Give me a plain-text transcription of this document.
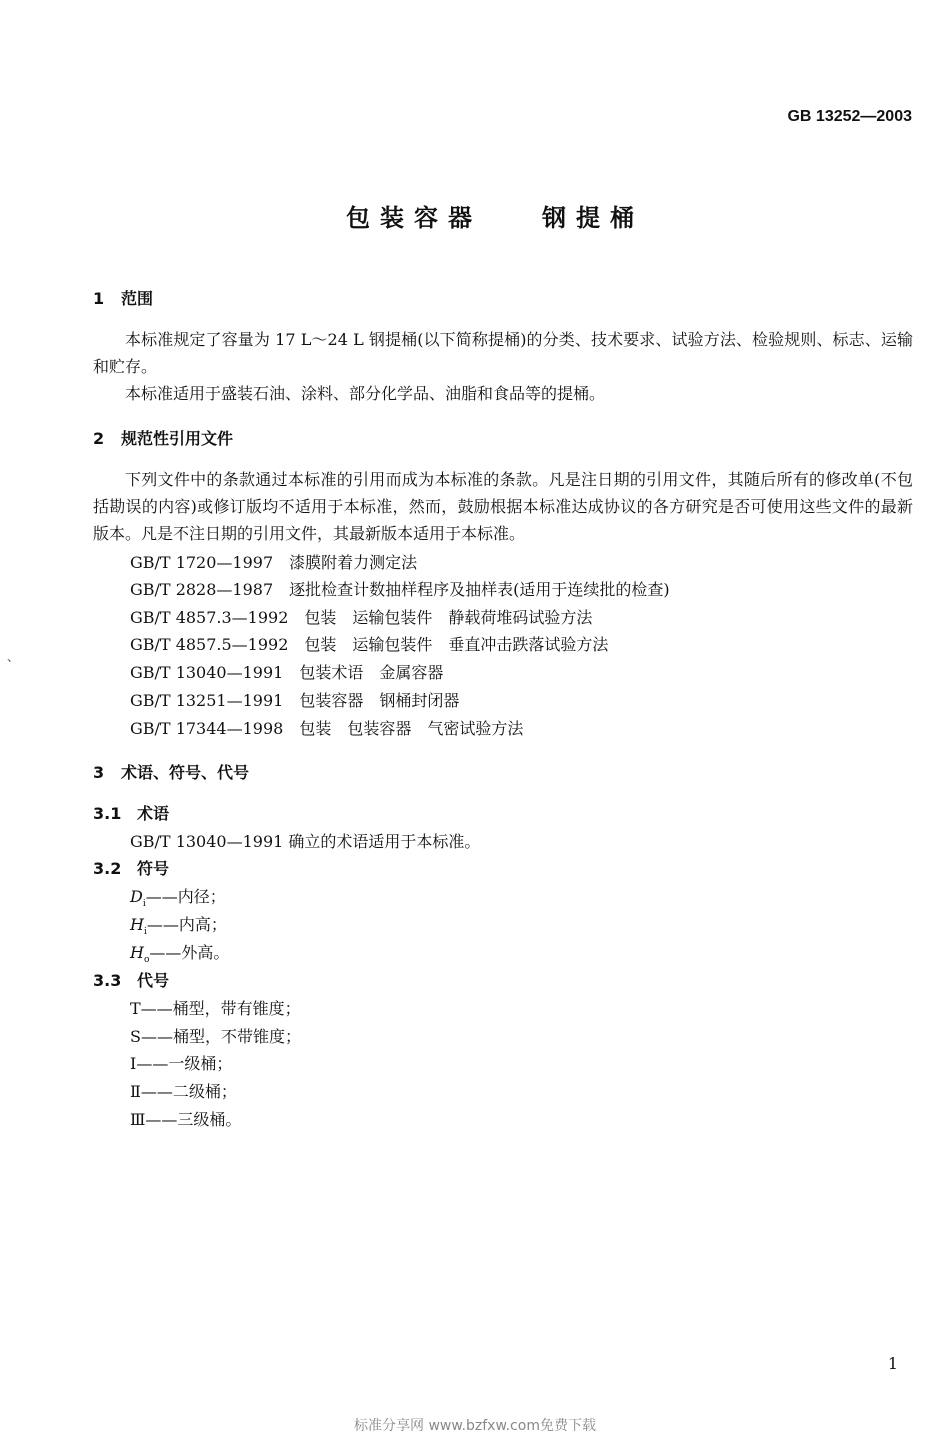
GB 13252—2003
包装容器	钢提桶
1 范围
本标准规定了容量为 17 L～24 L 钢提桶(以下简称提桶)的分类、技术要求、试验方法、检验规则、标志、运输和贮存。
本标准适用于盛装石油、涂料、部分化学品、油脂和食品等的提桶。
2 规范性引用文件
下列文件中的条款通过本标准的引用而成为本标准的条款。凡是注日期的引用文件，其随后所有的修改单(不包括勘误的内容)或修订版均不适用于本标准，然而，鼓励根据本标准达成协议的各方研究是否可使用这些文件的最新版本。凡是不注日期的引用文件，其最新版本适用于本标准。
GB/T 1720—1997 漆膜附着力测定法
GB/T 2828—1987 逐批检查计数抽样程序及抽样表(适用于连续批的检查)
GB/T 4857.3—1992 包装　运输包装件　静载荷堆码试验方法
GB/T 4857.5—1992 包装　运输包装件　垂直冲击跌落试验方法
GB/T 13040—1991 包装术语　金属容器
GB/T 13251—1991 包装容器　钢桶封闭器
GB/T 17344—1998 包装　包装容器　气密试验方法
、
3 术语、符号、代号
3.1 术语
GB/T 13040—1991 确立的术语适用于本标准。
3.2 符号
$D_i——$内径；
$H_i——$内高；
$H_o——$外高。
3.3 代号
T——桶型，带有锥度；
S——桶型，不带锥度；
Ⅰ——一级桶；
Ⅱ——二级桶；
Ⅲ——三级桶。
1
标准分享网 www.bzfxw.com免费下载
